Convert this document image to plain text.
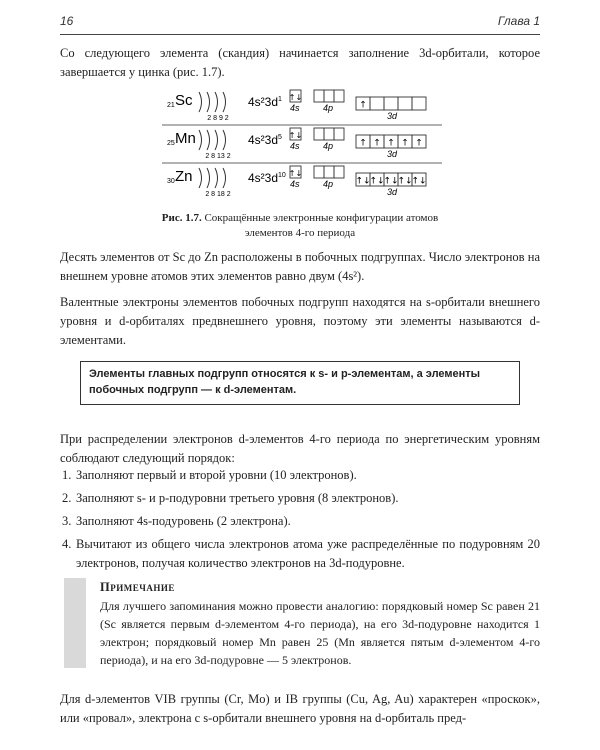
16	Глава 1
Со следующего элемента (скандия) начинается заполнение 3d-орбитали, которое завершается у цинка (рис. 1.7).
21 Sc
2 8 9 2
$4s^23d^1$ ↑↓
4s	4p	↑
3d
25 Mn
2 8 13 2
$4s^23d^5$ ↑↓
4s	4p	↑ ↑ ↑ ↑ ↑
3d
30 Zn
2 8 18 2
$4s^23d^{10}$ ↑↓
4s	4p ↑↓
↑↓
↑↓
↑↓
↑↓
3d
Рис. 1.7. Сокращённые электронные конфигурации атомов
элементов 4-го периода
Десять элементов от Sc до Zn расположены в побочных подгруппах. Число электронов на внешнем уровне атомов этих элементов равно двум (4s²).
Валентные электроны элементов побочных подгрупп находятся на s-орбитали внешнего уровня и d-орбиталях предвнешнего уровня, поэтому эти элементы называются d-элементами.
Элементы главных подгрупп относятся к s- и p-элементам, а элементы побочных подгрупп — к d-элементам.
При распределении электронов d-элементов 4-го периода по энергетическим уровням соблюдают следующий порядок:
1. Заполняют первый и второй уровни (10 электронов).
2. Заполняют s- и p-подуровни третьего уровня (8 электронов).
3. Заполняют 4s-подуровень (2 электрона).
4. Вычитают из общего числа электронов атома уже распределённые по подуровням 20 электронов, получая количество электронов на 3d-подуровне.
Примечание
Для лучшего запоминания можно провести аналогию: порядковый номер Sc равен 21 (Sc является первым d-элементом 4-го периода), на его 3d-подуровне находится 1 электрон; порядковый номер Mn равен 25 (Mn является пятым d-элементом 4-го периода), и на его 3d-подуровне — 5 электронов.
Для d-элементов VIB группы (Cr, Mo) и IB группы (Cu, Ag, Au) характерен «проскок», или «провал», электрона с s-орбитали внешнего уровня на d-орбиталь пред-
